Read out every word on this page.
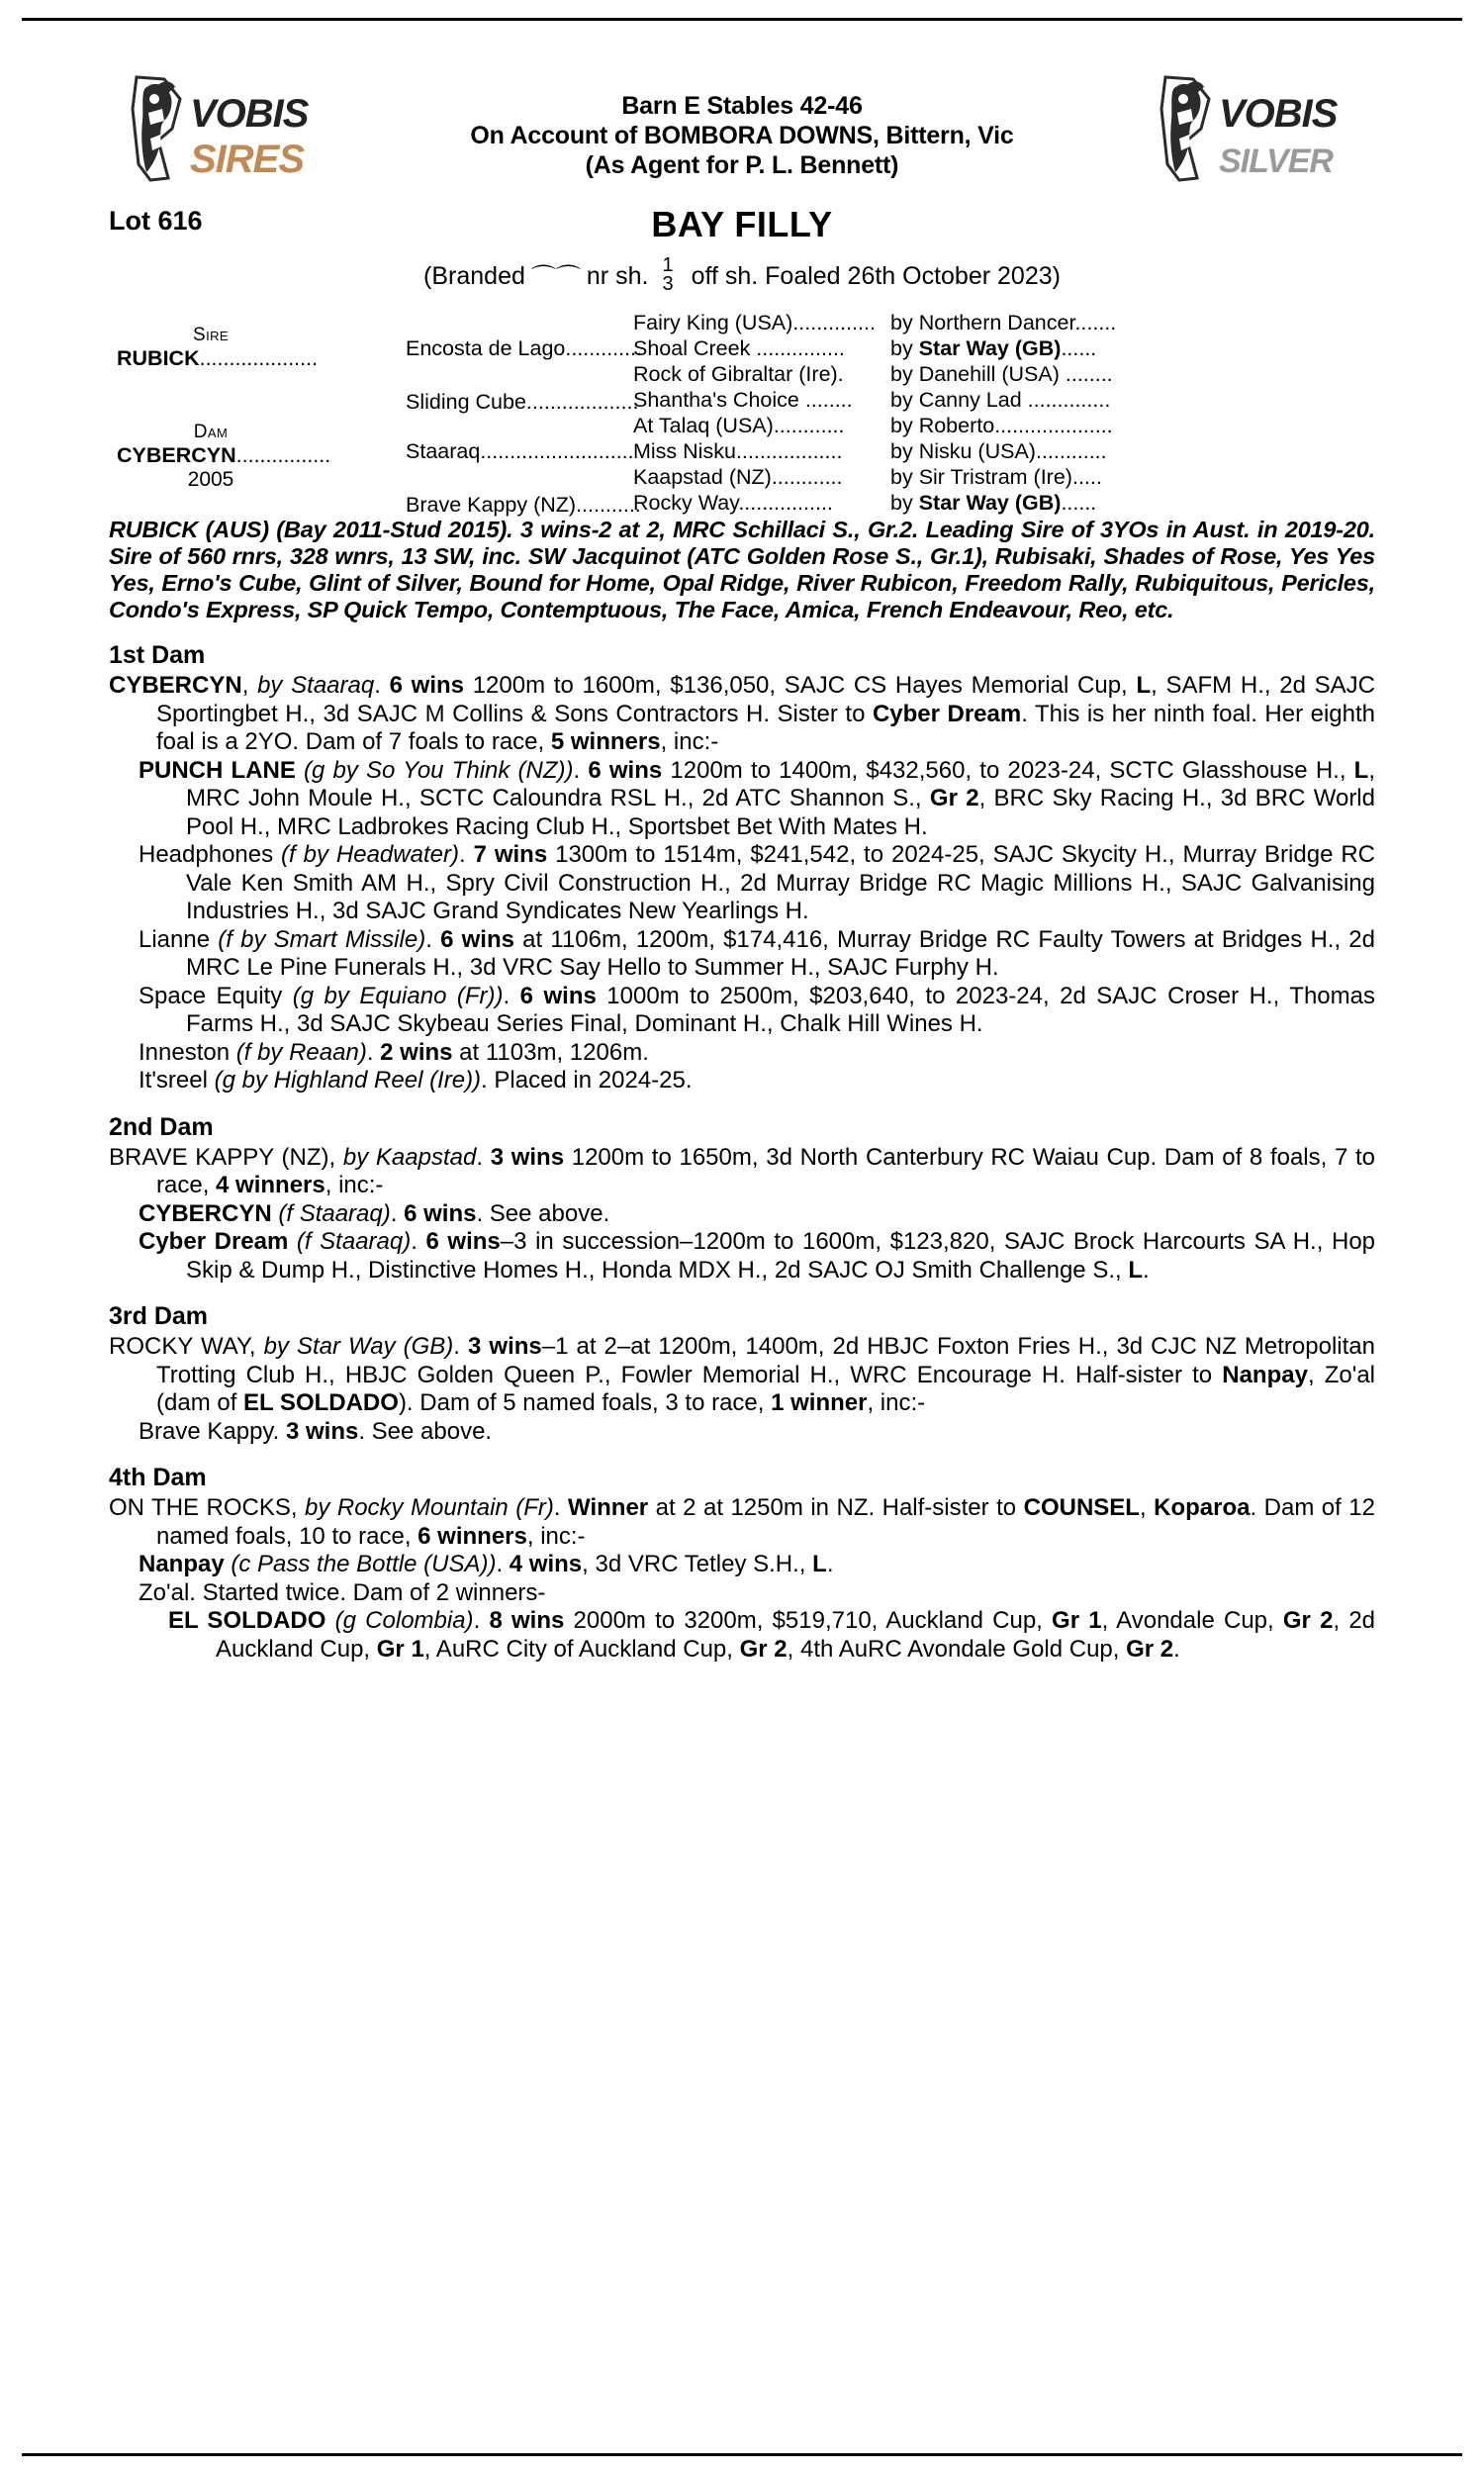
VOBIS
SIRES
VOBIS
SILVER
Barn E Stables 42-46
On Account of BOMBORA DOWNS, Bittern, Vic
(As Agent for P. L. Bennett)
Lot 616	BAY FILLY
(Branded ⌒⌒ nr sh. 1
3 off sh. Foaled 26th October 2023)
Sire
RUBICK....................
Dam
CYBERCYN................
2005
Encosta de Lago.............
Sliding Cube...................
Staaraq..........................
Brave Kappy (NZ)...........
Fairy King (USA)..............
Shoal Creek ...............
Rock of Gibraltar (Ire).
Shantha's Choice ........
At Talaq (USA)............
Miss Nisku..................
Kaapstad (NZ)............
Rocky Way................
by Northern Dancer.......
by Star Way (GB)......
by Danehill (USA) ........
by Canny Lad ..............
by Roberto....................
by Nisku (USA)............
by Sir Tristram (Ire).....
by Star Way (GB)......
RUBICK (AUS) (Bay 2011-Stud 2015). 3 wins-2 at 2, MRC Schillaci S., Gr.2. Leading Sire of 3YOs in Aust. in 2019-20. Sire of 560 rnrs, 328 wnrs, 13 SW, inc. SW Jacquinot (ATC Golden Rose S., Gr.1), Rubisaki, Shades of Rose, Yes Yes Yes, Erno's Cube, Glint of Silver, Bound for Home, Opal Ridge, River Rubicon, Freedom Rally, Rubiquitous, Pericles, Condo's Express, SP Quick Tempo, Contemptuous, The Face, Amica, French Endeavour, Reo, etc.
1st Dam

CYBERCYN, by Staaraq. 6 wins 1200m to 1600m, $136,050, SAJC CS Hayes Memorial Cup, L, SAFM H., 2d SAJC Sportingbet H., 3d SAJC M Collins & Sons Contractors H. Sister to Cyber Dream. This is her ninth foal. Her eighth foal is a 2YO. Dam of 7 foals to race, 5 winners, inc:-

PUNCH LANE (g by So You Think (NZ)). 6 wins 1200m to 1400m, $432,560, to 2023-24, SCTC Glasshouse H., L, MRC John Moule H., SCTC Caloundra RSL H., 2d ATC Shannon S., Gr 2, BRC Sky Racing H., 3d BRC World Pool H., MRC Ladbrokes Racing Club H., Sportsbet Bet With Mates H.

Headphones (f by Headwater). 7 wins 1300m to 1514m, $241,542, to 2024-25, SAJC Skycity H., Murray Bridge RC Vale Ken Smith AM H., Spry Civil Construction H., 2d Murray Bridge RC Magic Millions H., SAJC Galvanising Industries H., 3d SAJC Grand Syndicates New Yearlings H.

Lianne (f by Smart Missile). 6 wins at 1106m, 1200m, $174,416, Murray Bridge RC Faulty Towers at Bridges H., 2d MRC Le Pine Funerals H., 3d VRC Say Hello to Summer H., SAJC Furphy H.

Space Equity (g by Equiano (Fr)). 6 wins 1000m to 2500m, $203,640, to 2023-24, 2d SAJC Croser H., Thomas Farms H., 3d SAJC Skybeau Series Final, Dominant H., Chalk Hill Wines H.

Inneston (f by Reaan). 2 wins at 1103m, 1206m.

It'sreel (g by Highland Reel (Ire)). Placed in 2024-25.

2nd Dam

BRAVE KAPPY (NZ), by Kaapstad. 3 wins 1200m to 1650m, 3d North Canterbury RC Waiau Cup. Dam of 8 foals, 7 to race, 4 winners, inc:-

CYBERCYN (f Staaraq). 6 wins. See above.

Cyber Dream (f Staaraq). 6 wins–3 in succession–1200m to 1600m, $123,820, SAJC Brock Harcourts SA H., Hop Skip & Dump H., Distinctive Homes H., Honda MDX H., 2d SAJC OJ Smith Challenge S., L.

3rd Dam

ROCKY WAY, by Star Way (GB). 3 wins–1 at 2–at 1200m, 1400m, 2d HBJC Foxton Fries H., 3d CJC NZ Metropolitan Trotting Club H., HBJC Golden Queen P., Fowler Memorial H., WRC Encourage H. Half-sister to Nanpay, Zo'al (dam of EL SOLDADO). Dam of 5 named foals, 3 to race, 1 winner, inc:-

Brave Kappy. 3 wins. See above.

4th Dam

ON THE ROCKS, by Rocky Mountain (Fr). Winner at 2 at 1250m in NZ. Half-sister to COUNSEL, Koparoa. Dam of 12 named foals, 10 to race, 6 winners, inc:-

Nanpay (c Pass the Bottle (USA)). 4 wins, 3d VRC Tetley S.H., L.

Zo'al. Started twice. Dam of 2 winners-

EL SOLDADO (g Colombia). 8 wins 2000m to 3200m, $519,710, Auckland Cup, Gr 1, Avondale Cup, Gr 2, 2d Auckland Cup, Gr 1, AuRC City of Auckland Cup, Gr 2, 4th AuRC Avondale Gold Cup, Gr 2.
